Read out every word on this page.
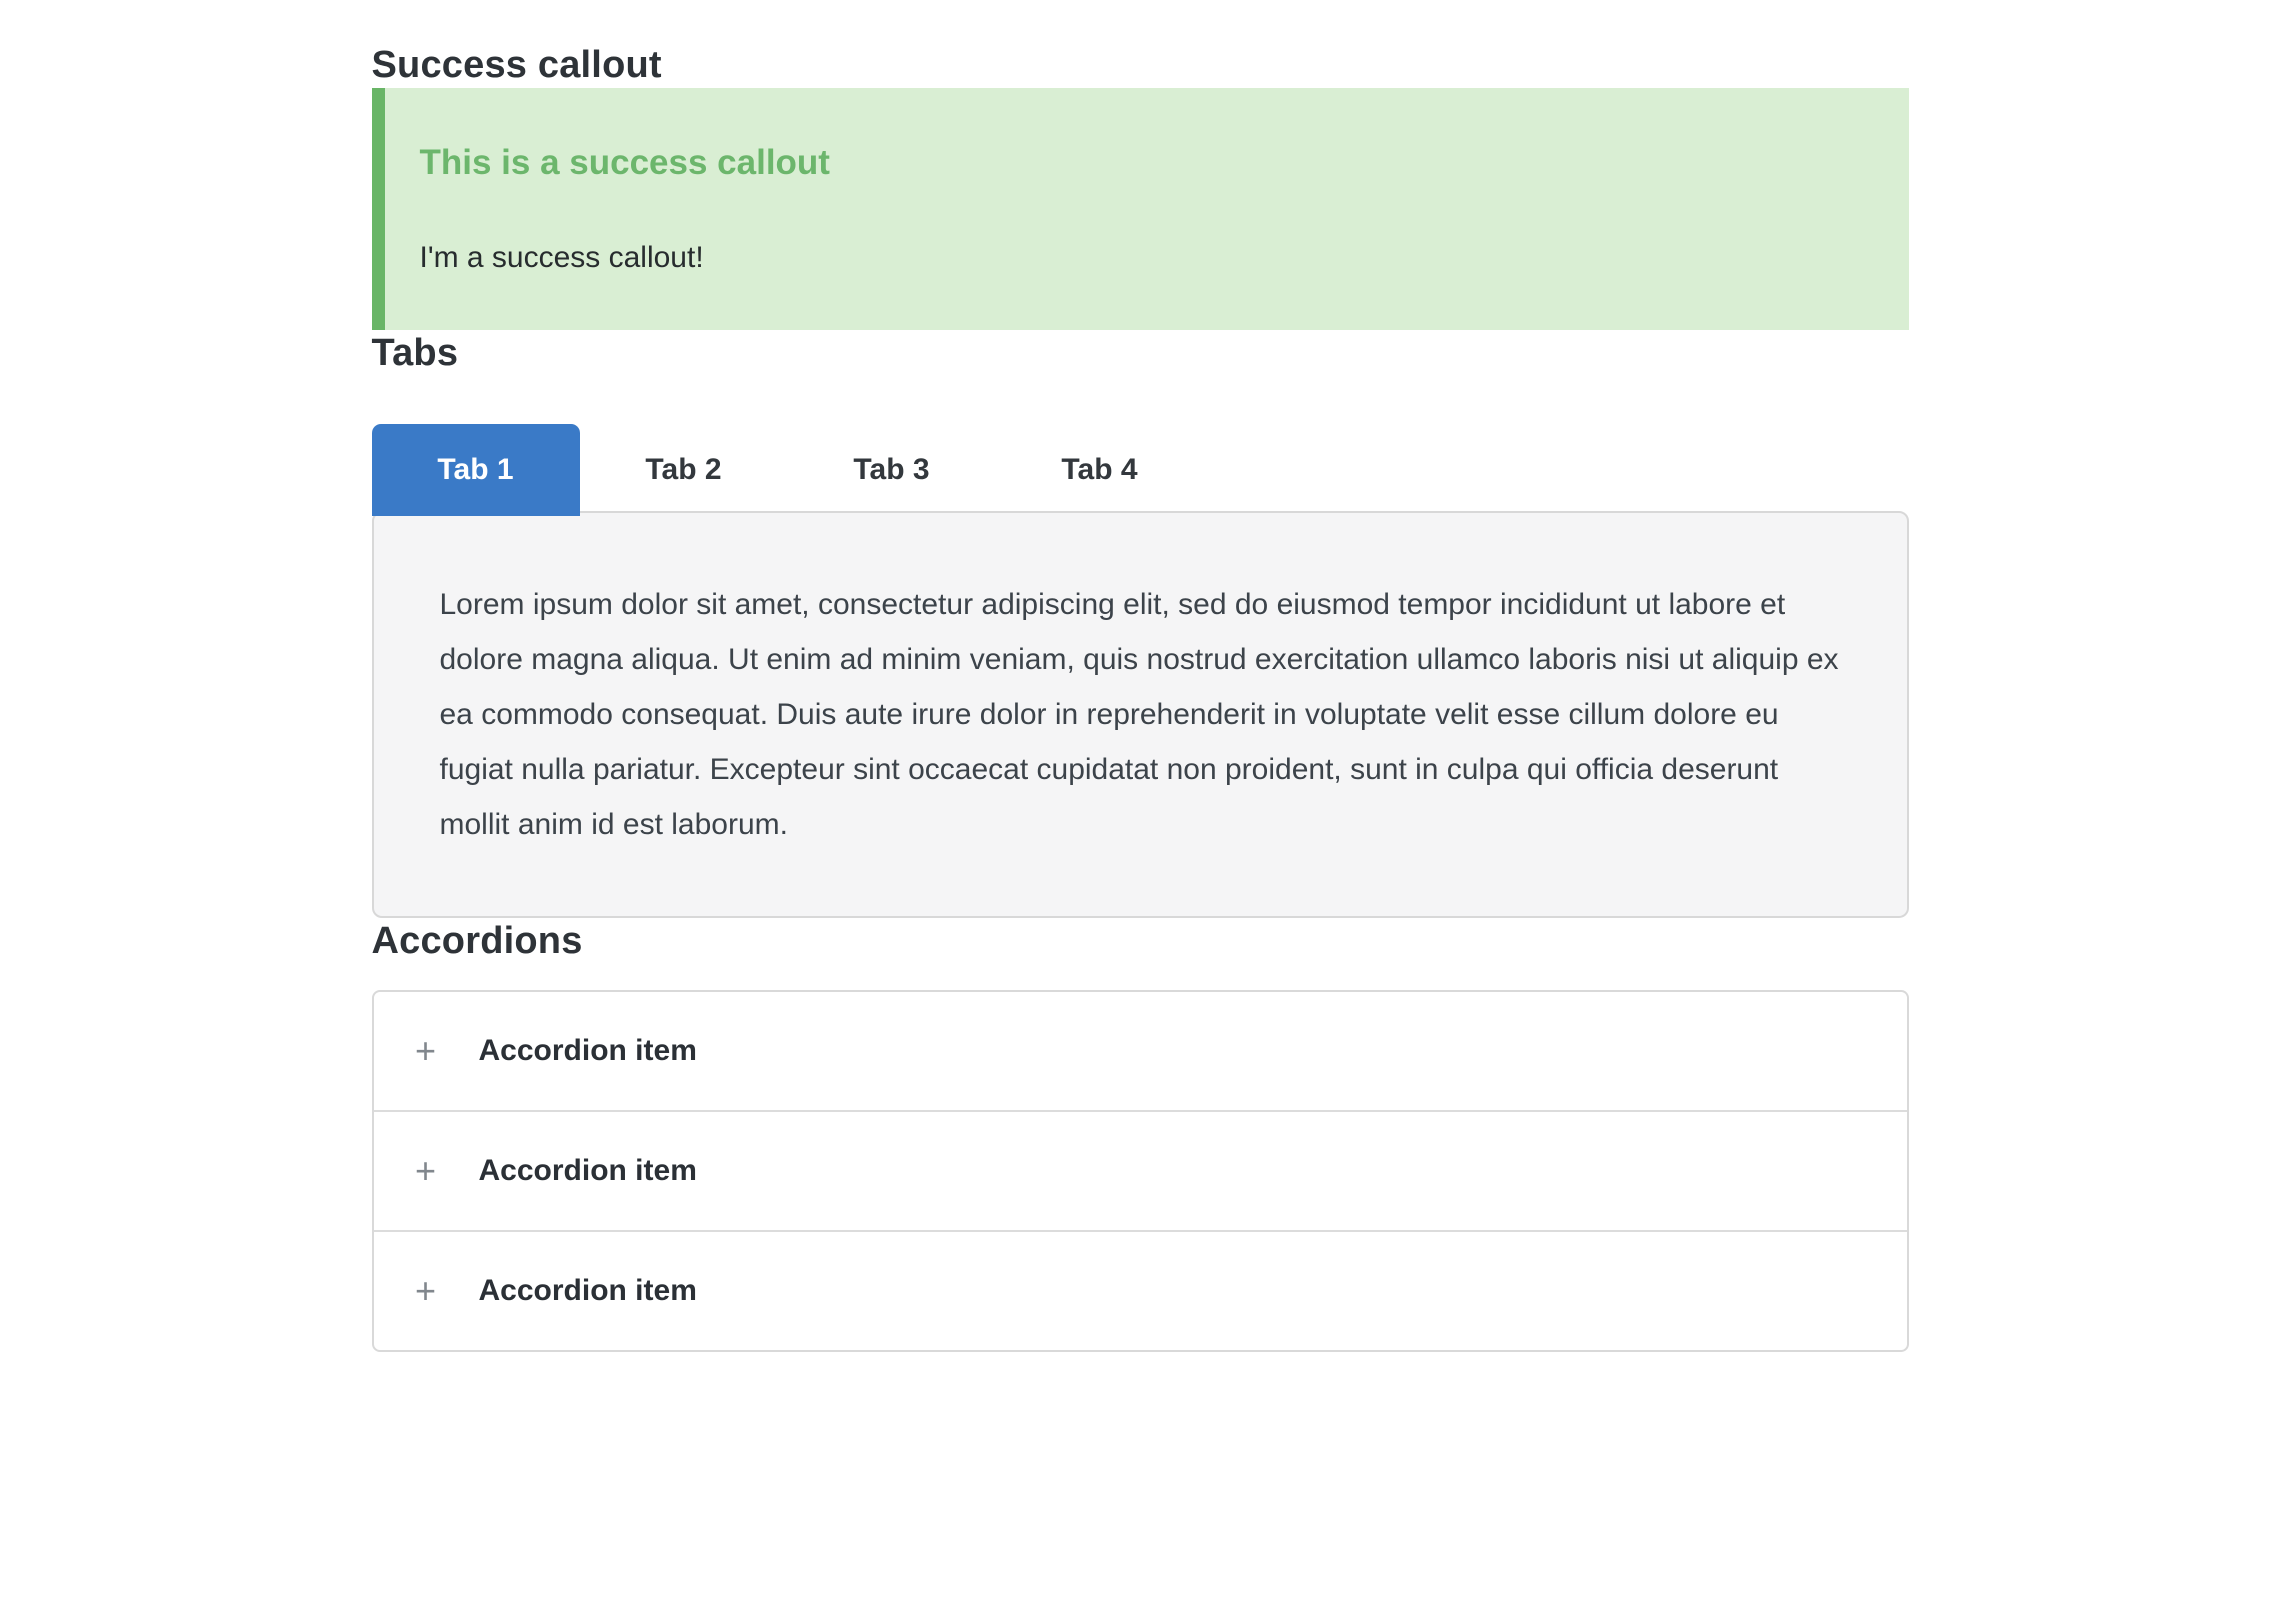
Success callout
This is a success callout

I'm a success callout!

Tabs
Tab 1	Tab 2	Tab 3	Tab 4

Lorem ipsum dolor sit amet, consectetur adipiscing elit, sed do eiusmod tempor incididunt ut labore et dolore magna aliqua. Ut enim ad minim veniam, quis nostrud exercitation ullamco laboris nisi ut aliquip ex ea commodo consequat. Duis aute irure dolor in reprehenderit in voluptate velit esse cillum dolore eu fugiat nulla pariatur. Excepteur sint occaecat cupidatat non proident, sunt in culpa qui officia deserunt mollit anim id est laborum.

Accordions
+ Accordion item
+ Accordion item
+ Accordion item
